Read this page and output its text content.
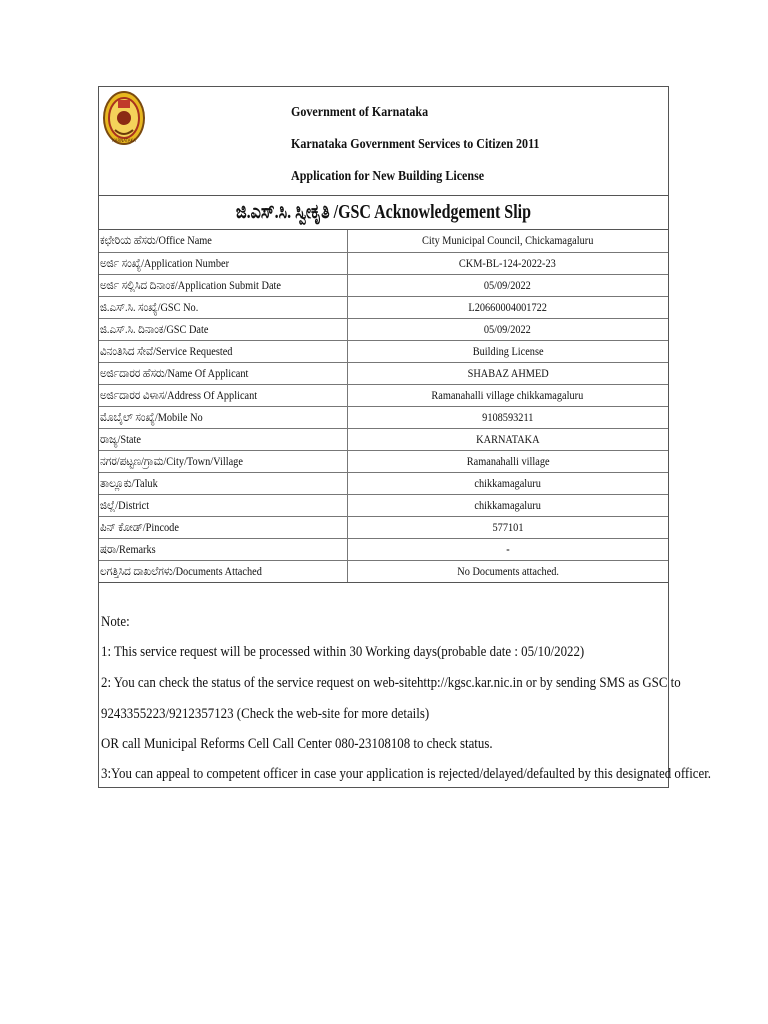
KARNATAKA
Government of Karnataka
Karnataka Government Services to Citizen 2011
Application for New Building License
ಜಿ.ಎಸ್.ಸಿ. ಸ್ವೀಕೃತಿ /GSC Acknowledgement Slip
ಕಛೇರಿಯ ಹೆಸರು/Office Name	City Municipal Council, Chickamagaluru
ಅರ್ಜಿ ಸಂಖ್ಯೆ/Application Number	CKM-BL-124-2022-23
ಅರ್ಜಿ ಸಲ್ಲಿಸಿದ ದಿನಾಂಕ/Application Submit Date	05/09/2022
ಜಿ.ಎಸ್.ಸಿ. ಸಂಖ್ಯೆ/GSC No.	L20660004001722
ಜಿ.ಎಸ್.ಸಿ. ದಿನಾಂಕ/GSC Date	05/09/2022
ವಿನಂತಿಸಿದ ಸೇವೆ/Service Requested	Building License
ಅರ್ಜಿದಾರರ ಹೆಸರು/Name Of Applicant	SHABAZ AHMED
ಅರ್ಜಿದಾರರ ವಿಳಾಸ/Address Of Applicant	Ramanahalli village chikkamagaluru
ಮೊಬೈಲ್ ಸಂಖ್ಯೆ/Mobile No	9108593211
ರಾಜ್ಯ/State	KARNATAKA
ನಗರ/ಪಟ್ಟಣ/ಗ್ರಾಮ/City/Town/Village	Ramanahalli village
ತಾಲ್ಲೂಕು/Taluk	chikkamagaluru
ಜಿಲ್ಲೆ/District	chikkamagaluru
ಪಿನ್ ಕೋಡ್/Pincode	577101
ಷರಾ/Remarks	-
ಲಗತ್ತಿಸಿದ ದಾಖಲೆಗಳು/Documents Attached	No Documents attached.
Note:
1: This service request will be processed within 30 Working days(probable date : 05/10/2022)
2: You can check the status of the service request on web-sitehttp://kgsc.kar.nic.in or by sending SMS as GSC to
9243355223/9212357123 (Check the web-site for more details)
OR call Municipal Reforms Cell Call Center 080-23108108 to check status.
3:You can appeal to competent officer in case your application is rejected/delayed/defaulted by this designated officer.
